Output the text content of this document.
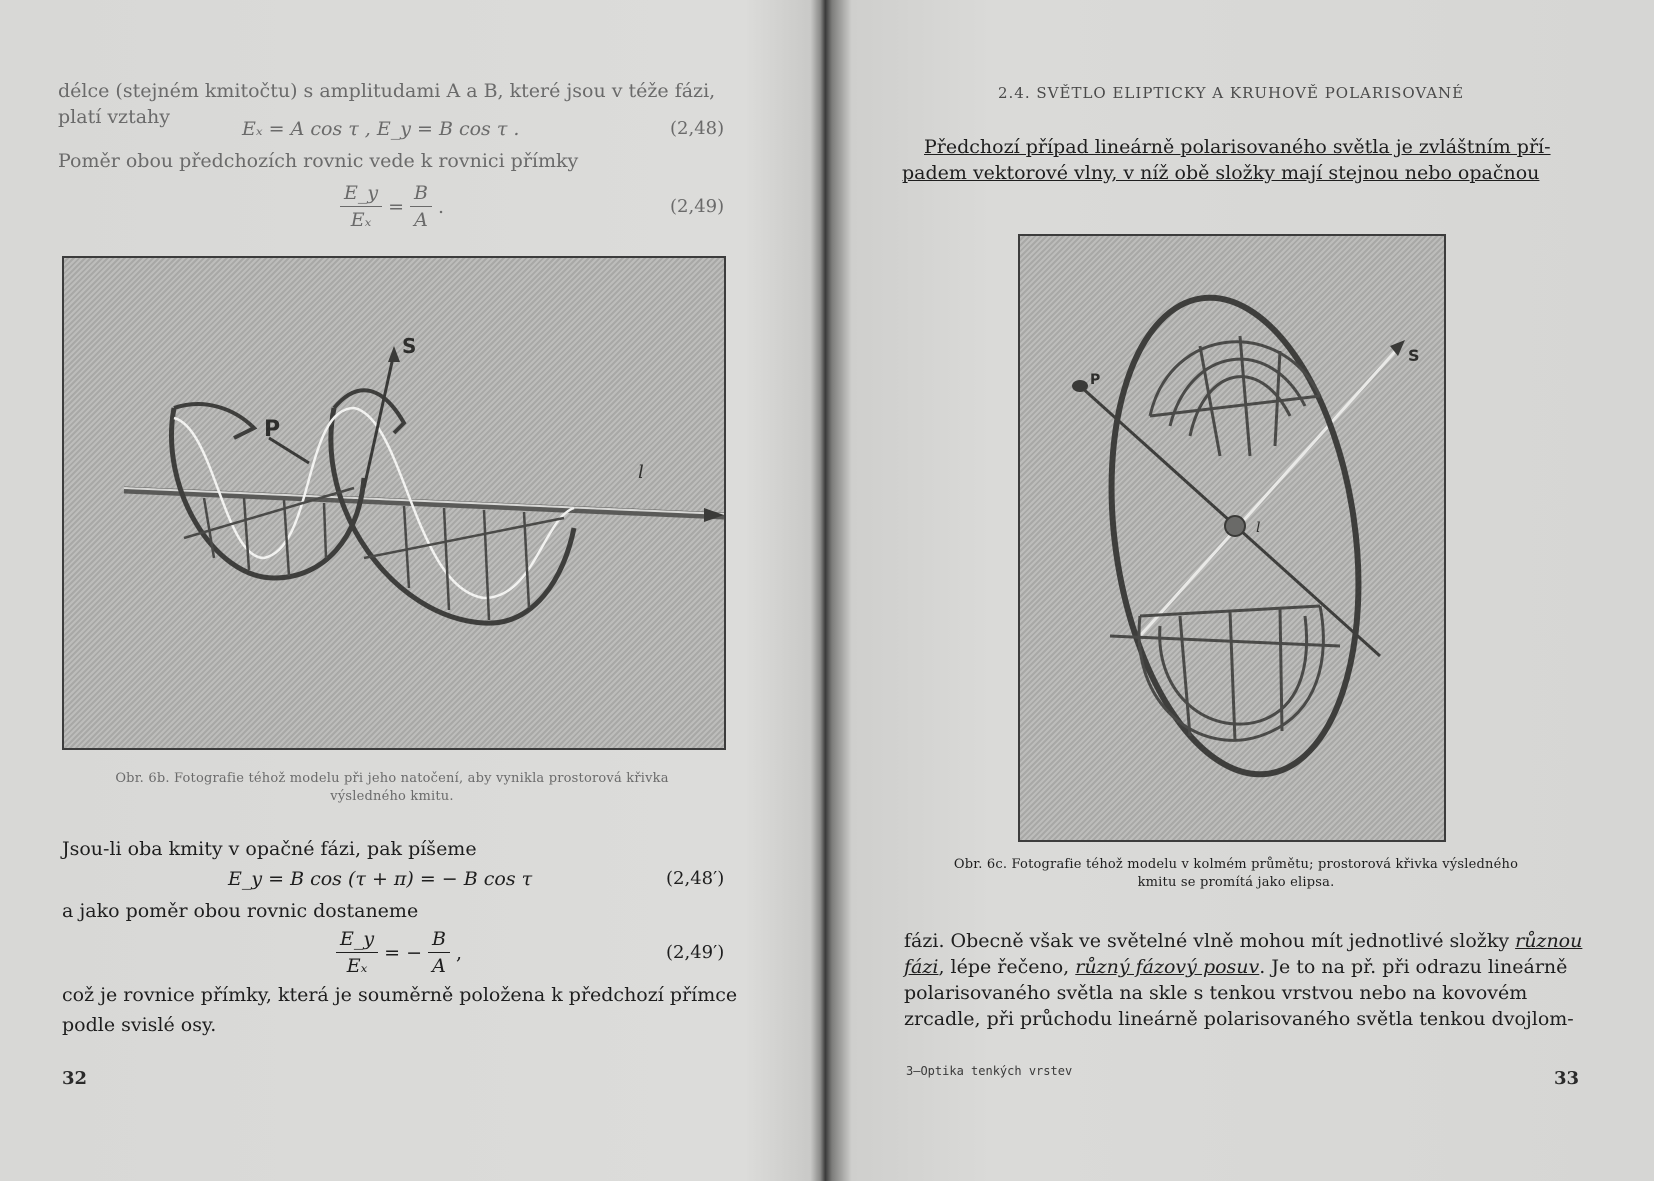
délce (stejném kmitočtu) s amplitudami A a B, které jsou v téže fázi,
platí vztahy
Eₓ = A cos τ , E_y = B cos τ .	(2,48)
Poměr obou předchozích rovnic vede k rovnici přímky
$\frac{E\_y}{\text{Eₓ}} = \frac{B}{A}$ .	(2,49)
S
P
l
Obr. 6b. Fotografie téhož modelu při jeho natočení, aby vynikla prostorová křivka
výsledného kmitu.
Jsou-li oba kmity v opačné fázi, pak píšeme
E_y = B cos (τ + π) = − B cos τ	(2,48′)
a jako poměr obou rovnic dostaneme
$\frac{E\_y}{\text{Eₓ}}$ = − $\frac{B}{A}$ ,	(2,49′)
což je rovnice přímky, která je souměrně položena k předchozí přímce
podle svislé osy.
32
2.4. SVĚTLO ELIPTICKY A KRUHOVĚ POLARISOVANÉ
Předchozí případ lineárně polarisovaného světla je zvláštním pří-
padem vektorové vlny, v níž obě složky mají stejnou nebo opačnou
S
P
l
Obr. 6c. Fotografie téhož modelu v kolmém průmětu; prostorová křivka výsledného
kmitu se promítá jako elipsa.
fázi. Obecně však ve světelné vlně mohou mít jednotlivé složky různou
fázi, lépe řečeno, různý fázový posuv. Je to na př. při odrazu lineárně
polarisovaného světla na skle s tenkou vrstvou nebo na kovovém
zrcadle, při průchodu lineárně polarisovaného světla tenkou dvojlom-
3—Optika tenkých vrstev	33
